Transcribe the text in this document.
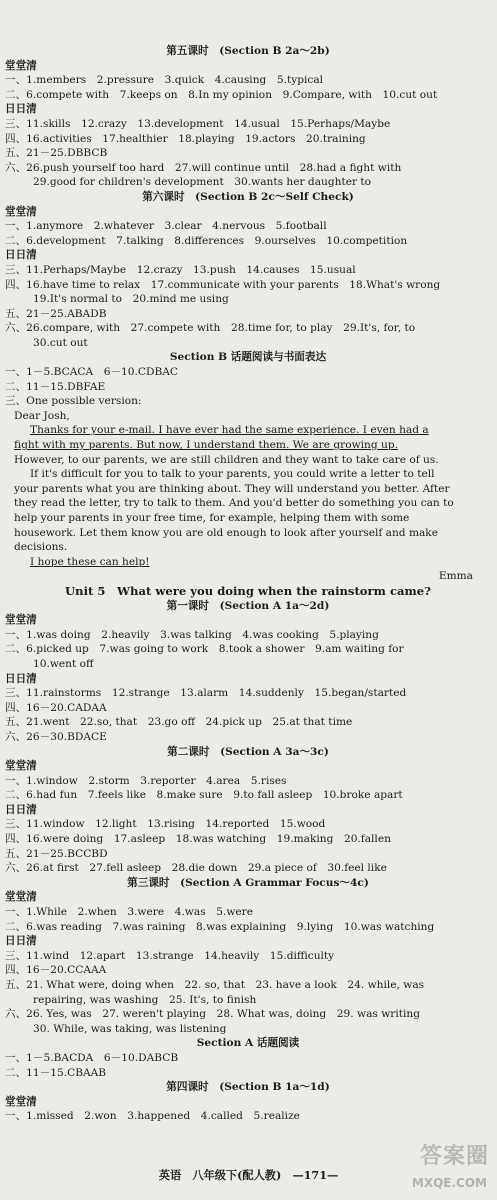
第五课时　(Section B 2a～2b)
堂堂清
一、1.members　2.pressure　3.quick　4.causing　5.typical
二、6.compete with　7.keeps on　8.In my opinion　9.Compare, with　10.cut out
日日清
三、11.skills　12.crazy　13.development　14.usual　15.Perhaps/Maybe
四、16.activities　17.healthier　18.playing　19.actors　20.training
五、21－25.DBBCB
六、26.push yourself too hard　27.will continue until　28.had a fight with
29.good for children's development　30.wants her daughter to
第六课时　(Section B 2c～Self Check)
堂堂清
一、1.anymore　2.whatever　3.clear　4.nervous　5.football
二、6.development　7.talking　8.differences　9.ourselves　10.competition
日日清
三、11.Perhaps/Maybe　12.crazy　13.push　14.causes　15.usual
四、16.have time to relax　17.communicate with your parents　18.What's wrong
19.It's normal to　20.mind me using
五、21－25.ABADB
六、26.compare, with　27.compete with　28.time for, to play　29.It's, for, to
30.cut out
Section B 话题阅读与书面表达
一、1－5.BCACA　6－10.CDBAC
二、11－15.DBFAE
三、One possible version:
Dear Josh,
Thanks for your e-mail. I have ever had the same experience. I even had a
fight with my parents. But now, I understand them. We are growing up.
However, to our parents, we are still children and they want to take care of us.
If it's difficult for you to talk to your parents, you could write a letter to tell
your parents what you are thinking about. They will understand you better. After
they read the letter, try to talk to them. And you'd better do something you can to
help your parents in your free time, for example, helping them with some
housework. Let them know you are old enough to look after yourself and make
decisions.
I hope these can help!
Emma
Unit 5　What were you doing when the rainstorm came?
第一课时　(Section A 1a～2d)
堂堂清
一、1.was doing　2.heavily　3.was talking　4.was cooking　5.playing
二、6.picked up　7.was going to work　8.took a shower　9.am waiting for
10.went off
日日清
三、11.rainstorms　12.strange　13.alarm　14.suddenly　15.began/started
四、16－20.CADAA
五、21.went　22.so, that　23.go off　24.pick up　25.at that time
六、26－30.BDACE
第二课时　(Section A 3a～3c)
堂堂清
一、1.window　2.storm　3.reporter　4.area　5.rises
二、6.had fun　7.feels like　8.make sure　9.to fall asleep　10.broke apart
日日清
三、11.window　12.light　13.rising　14.reported　15.wood
四、16.were doing　17.asleep　18.was watching　19.making　20.fallen
五、21－25.BCCBD
六、26.at first　27.fell asleep　28.die down　29.a piece of　30.feel like
第三课时　(Section A Grammar Focus～4c)
堂堂清
一、1.While　2.when　3.were　4.was　5.were
二、6.was reading　7.was raining　8.was explaining　9.lying　10.was watching
日日清
三、11.wind　12.apart　13.strange　14.heavily　15.difficulty
四、16－20.CCAAA
五、21. What were, doing when　22. so, that　23. have a look　24. while, was
repairing, was washing　25. It's, to finish
六、26. Yes, was　27. weren't playing　28. What was, doing　29. was writing
30. While, was taking, was listening
Section A 话题阅读
一、1－5.BACDA　6－10.DABCB
二、11－15.CBAAB
第四课时　(Section B 1a～1d)
堂堂清
一、1.missed　2.won　3.happened　4.called　5.realize
英语　八年级下(配人教)　—171—
答案圈
MXQE.COM
